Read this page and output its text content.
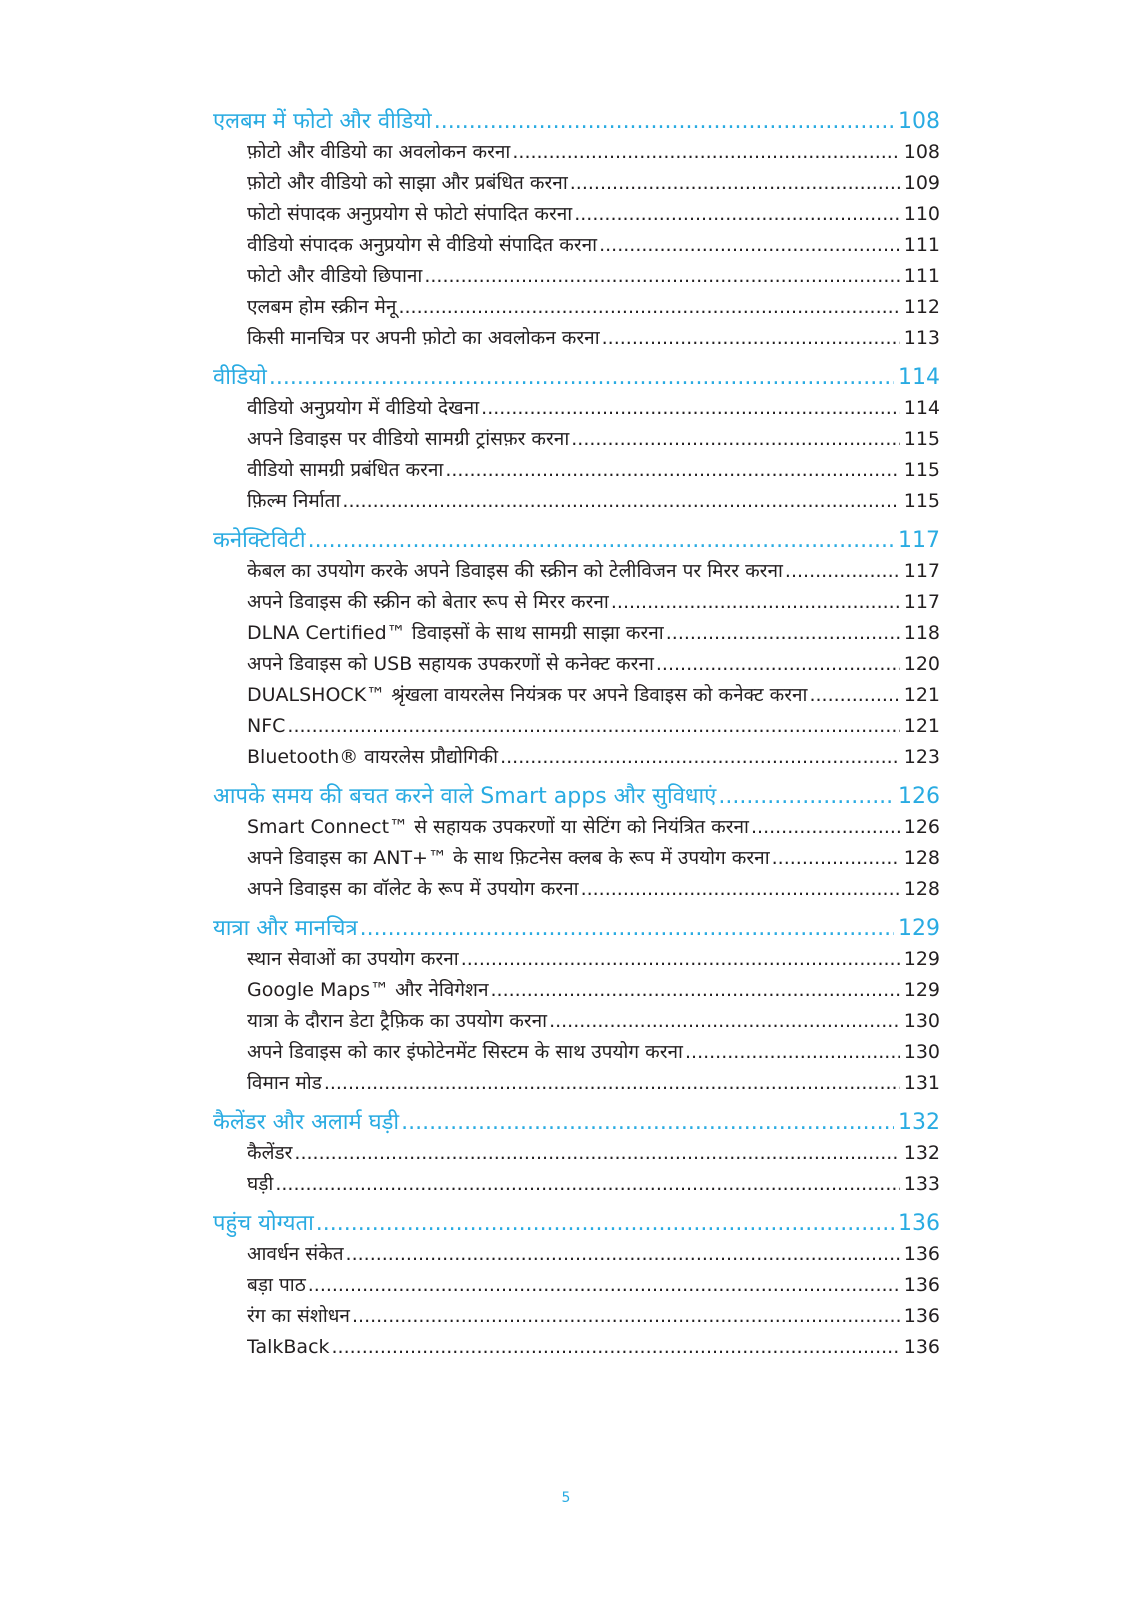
एलबम में फोटो और वीडियो .....	108
फ़ोटो और वीडियो का अवलोकन करना .....	108
फ़ोटो और वीडियो को साझा और प्रबंधित करना .....	109
फोटो संपादक अनुप्रयोग से फोटो संपादित करना .....	110
वीडियो संपादक अनुप्रयोग से वीडियो संपादित करना .....	111
फोटो और वीडियो छिपाना .....	111
एलबम होम स्क्रीन मेनू .....	112
किसी मानचित्र पर अपनी फ़ोटो का अवलोकन करना .....	113
वीडियो .....	114
वीडियो अनुप्रयोग में वीडियो देखना .....	114
अपने डिवाइस पर वीडियो सामग्री ट्रांसफ़र करना .....	115
वीडियो सामग्री प्रबंधित करना .....	115
फ़िल्म निर्माता .....	115
कनेक्टिविटी .....	117
केबल का उपयोग करके अपने डिवाइस की स्क्रीन को टेलीविजन पर मिरर करना .....	117
अपने डिवाइस की स्क्रीन को बेतार रूप से मिरर करना .....	117
DLNA Certified™ डिवाइसों के साथ सामग्री साझा करना .....	118
अपने डिवाइस को USB सहायक उपकरणों से कनेक्ट करना .....	120
DUALSHOCK™ श्रृंखला वायरलेस नियंत्रक पर अपने डिवाइस को कनेक्ट करना .....	121
NFC .....	121
Bluetooth® वायरलेस प्रौद्योगिकी .....	123
आपके समय की बचत करने वाले Smart apps और सुविधाएं .....	126
Smart Connect™ से सहायक उपकरणों या सेटिंग को नियंत्रित करना .....	126
अपने डिवाइस का ANT+™ के साथ फ़िटनेस क्लब के रूप में उपयोग करना .....	128
अपने डिवाइस का वॉलेट के रूप में उपयोग करना .....	128
यात्रा और मानचित्र .....	129
स्थान सेवाओं का उपयोग करना .....	129
Google Maps™ और नेविगेशन .....	129
यात्रा के दौरान डेटा ट्रैफ़िक का उपयोग करना .....	130
अपने डिवाइस को कार इंफोटेनमेंट सिस्टम के साथ उपयोग करना .....	130
विमान मोड .....	131
कैलेंडर और अलार्म घड़ी .....	132
कैलेंडर .....	132
घड़ी .....	133
पहुंच योग्यता .....	136
आवर्धन संकेत .....	136
बड़ा पाठ .....	136
रंग का संशोधन .....	136
TalkBack .....	136
5
